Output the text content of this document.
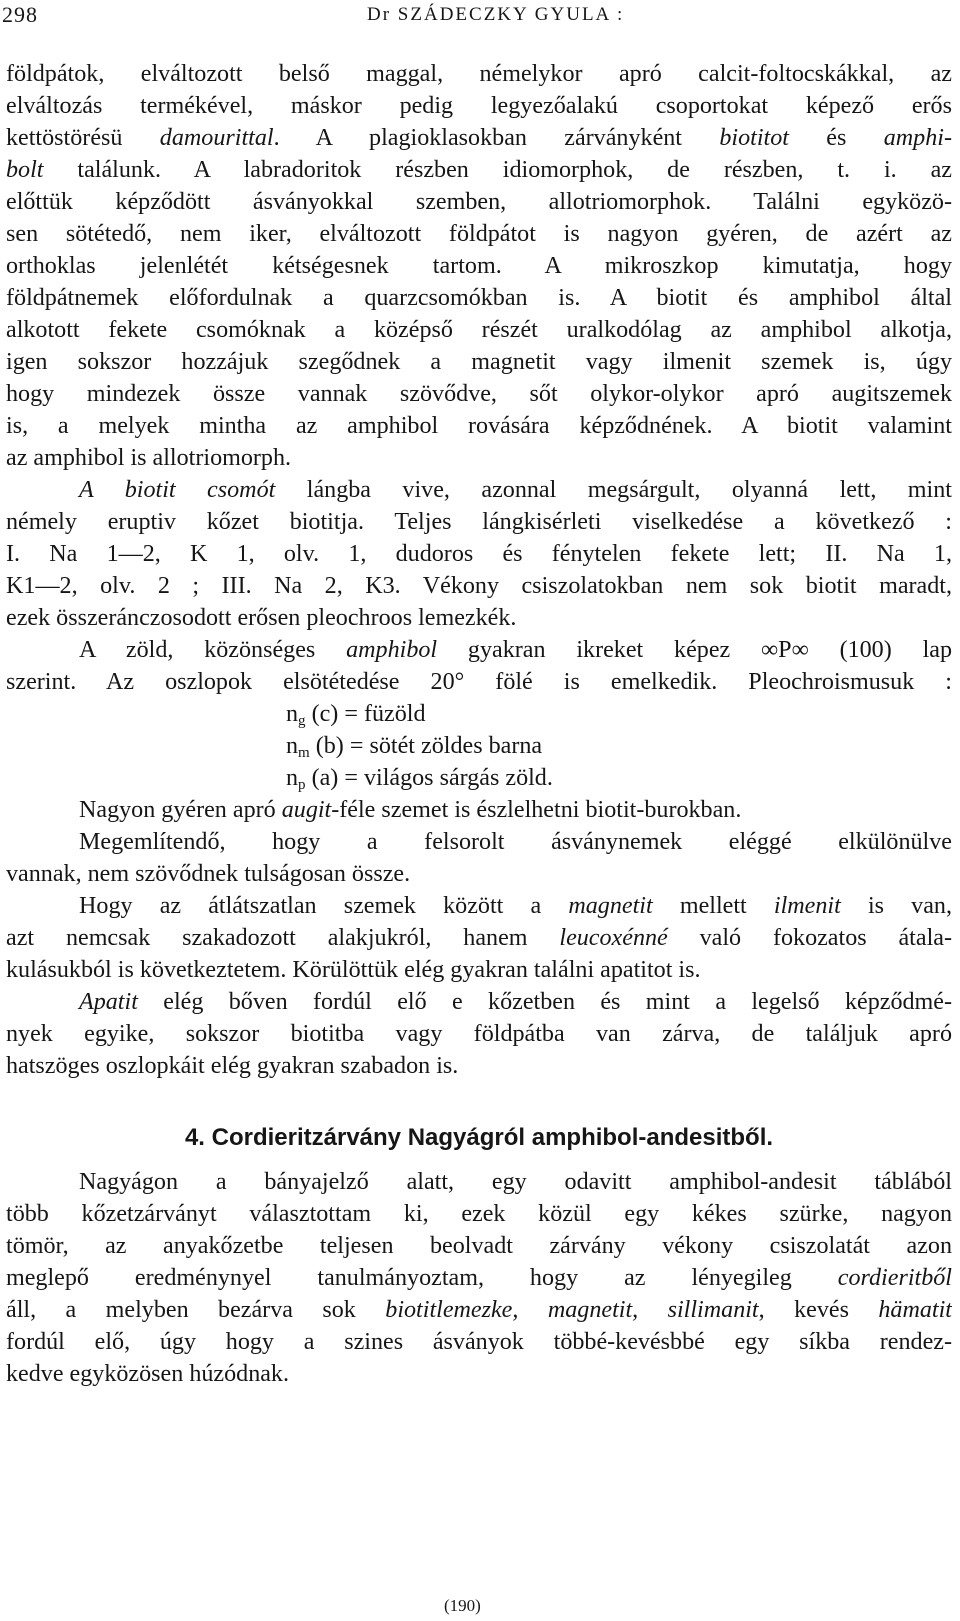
298	Dr SZÁDECZKY GYULA :
földpátok, elváltozott belső maggal, némelykor apró calcit-foltocskákkal, az
elváltozás termékével, máskor pedig legyezőalakú csoportokat képező erős
kettöstörésü damourittal. A plagioklasokban zárványként biotitot és amphi-
bolt találunk. A labradoritok részben idiomorphok, de részben, t. i. az
előttük képződött ásványokkal szemben, allotriomorphok. Találni egyközö-
sen sötétedő, nem iker, elváltozott földpátot is nagyon gyéren, de azért az
orthoklas jelenlétét kétségesnek tartom. A mikroszkop kimutatja, hogy
földpátnemek előfordulnak a quarzcsomókban is. A biotit és amphibol által
alkotott fekete csomóknak a középső részét uralkodólag az amphibol alkotja,
igen sokszor hozzájuk szegődnek a magnetit vagy ilmenit szemek is, úgy
hogy mindezek össze vannak szövődve, sőt olykor-olykor apró augitszemek
is, a melyek mintha az amphibol rovására képződnének. A biotit valamint
az amphibol is allotriomorph.
A biotit csomót lángba vive, azonnal megsárgult, olyanná lett, mint
némely eruptiv kőzet biotitja. Teljes lángkisérleti viselkedése a következő :
I. Na 1—2, K 1, olv. 1, dudoros és fénytelen fekete lett; II. Na 1,
K1—2, olv. 2 ; III. Na 2, K3. Vékony csiszolatokban nem sok biotit maradt,
ezek összeránczosodott erősen pleochroos lemezkék.
A zöld, közönséges amphibol gyakran ikreket képez ∞P∞ (100) lap
szerint. Az oszlopok elsötétedése 20° fölé is emelkedik. Pleochroismusuk :
$n_g$ (c) = füzöld
$n_m$ (b) = sötét zöldes barna
$n_p$ (a) = világos sárgás zöld.
Nagyon gyéren apró augit-féle szemet is észlelhetni biotit-burokban.
Megemlítendő, hogy a felsorolt ásványnemek eléggé elkülönülve
vannak, nem szövődnek tulságosan össze.
Hogy az átlátszatlan szemek között a magnetit mellett ilmenit is van,
azt nemcsak szakadozott alakjukról, hanem leucoxénné való fokozatos átala-
kulásukból is következtetem. Körülöttük elég gyakran találni apatitot is.
Apatit elég bőven fordúl elő e kőzetben és mint a legelső képződmé-
nyek egyike, sokszor biotitba vagy földpátba van zárva, de találjuk apró
hatszöges oszlopkáit elég gyakran szabadon is.
4. Cordieritzárvány Nagyágról amphibol-andesitből.
Nagyágon a bányajelző alatt, egy odavitt amphibol-andesit táblából
több kőzetzárványt választottam ki, ezek közül egy kékes szürke, nagyon
tömör, az anyakőzetbe teljesen beolvadt zárvány vékony csiszolatát azon
meglepő eredménynyel tanulmányoztam, hogy az lényegileg cordieritből
áll, a melyben bezárva sok biotitlemezke, magnetit, sillimanit, kevés hämatit
fordúl elő, úgy hogy a szines ásványok többé-kevésbbé egy síkba rendez-
kedve egyközösen húzódnak.
(190)
